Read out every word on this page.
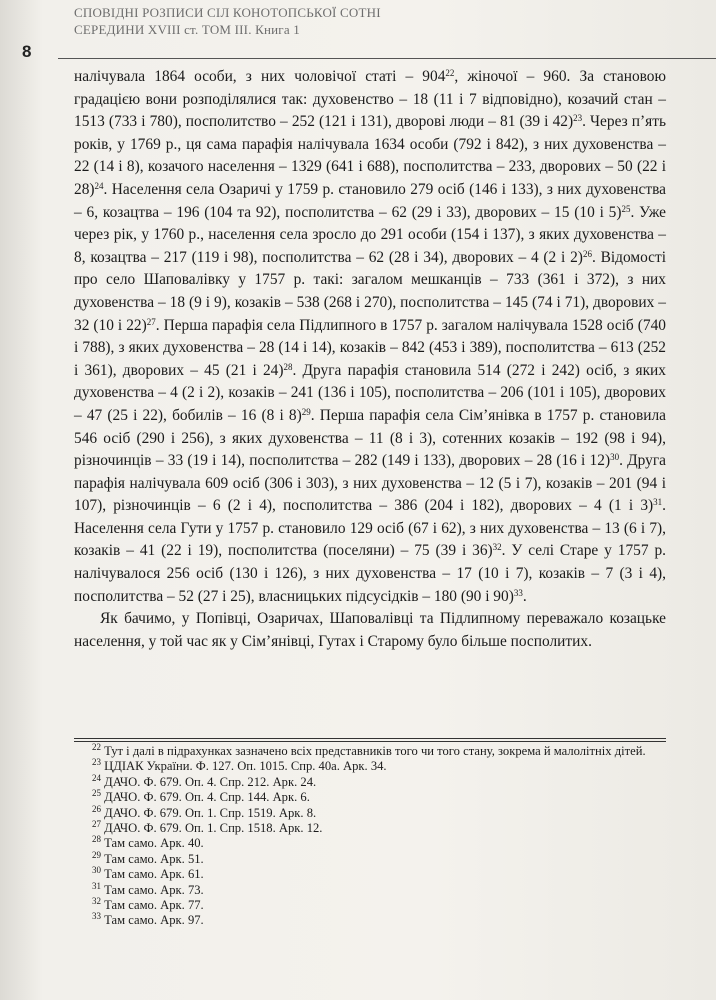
8
СПОВІДНІ РОЗПИСИ СІЛ КОНОТОПСЬКОЇ СОТНІ
СЕРЕДИНИ XVIII ст. ТОМ III. Книга 1

налічувала 1864 особи, з них чоловічої статі – $904^{22}$, жіночої – 960. За становою градацією вони розподілялися так: духовенство – 18 (11 і 7 відповідно), козачий стан – 1513 (733 і 780), посполитство – 252 (121 і 131), дворові люди – 81 (39 і 42)$^{23}$. Через п’ять років, у 1769 р., ця сама парафія налічувала 1634 особи (792 і 842), з них духовенства – 22 (14 і 8), козачого населення – 1329 (641 і 688), посполитства – 233, дворових – 50 (22 і 28)$^{24}$. Населення села Озаричі у 1759 р. становило 279 осіб (146 і 133), з них духовенства – 6, козацтва – 196 (104 та 92), посполитства – 62 (29 і 33), дворових – 15 (10 і 5)$^{25}$. Уже через рік, у 1760 р., населення села зросло до 291 особи (154 і 137), з яких духовенства – 8, козацтва – 217 (119 і 98), посполитства – 62 (28 і 34), дворових – 4 (2 і 2)$^{26}$. Відомості про село Шаповалівку у 1757 р. такі: загалом мешканців – 733 (361 і 372), з них духовенства – 18 (9 і 9), козаків – 538 (268 і 270), посполитства – 145 (74 і 71), дворових – 32 (10 і 22)$^{27}$. Перша парафія села Підлипного в 1757 р. загалом налічувала 1528 осіб (740 і 788), з яких духовенства – 28 (14 і 14), козаків – 842 (453 і 389), посполитства – 613 (252 і 361), дворових – 45 (21 і 24)$^{28}$. Друга парафія становила 514 (272 і 242) осіб, з яких духовенства – 4 (2 і 2), козаків – 241 (136 і 105), посполитства – 206 (101 і 105), дворових – 47 (25 і 22), бобилів – 16 (8 і 8)$^{29}$. Перша парафія села Сім’янівка в 1757 р. становила 546 осіб (290 і 256), з яких духовенства – 11 (8 і 3), сотенних козаків – 192 (98 і 94), різночинців – 33 (19 і 14), посполитства – 282 (149 і 133), дворових – 28 (16 і 12)$^{30}$. Друга парафія налічувала 609 осіб (306 і 303), з них духовенства – 12 (5 і 7), козаків – 201 (94 і 107), різночинців – 6 (2 і 4), посполитства – 386 (204 і 182), дворових – 4 (1 і 3)$^{31}$. Населення села Гути у 1757 р. становило 129 осіб (67 і 62), з них духовенства – 13 (6 і 7), козаків – 41 (22 і 19), посполитства (поселяни) – 75 (39 і 36)$^{32}$. У селі Старе у 1757 р. налічувалося 256 осіб (130 і 126), з них духовенства – 17 (10 і 7), козаків – 7 (3 і 4), посполитства – 52 (27 і 25), власницьких підсусідків – 180 (90 і 90)$^{33}$.

Як бачимо, у Попівці, Озаричах, Шаповалівці та Підлипному переважало козацьке населення, у той час як у Сім’янівці, Гутах і Старому було більше посполитих.

$^{22}$ Тут і далі в підрахунках зазначено всіх представників того чи того стану, зокрема й малолітніх дітей.
$^{23}$ ЦДІАК України. Ф. 127. Оп. 1015. Спр. 40а. Арк. 34.
$^{24}$ ДАЧО. Ф. 679. Оп. 4. Спр. 212. Арк. 24.
$^{25}$ ДАЧО. Ф. 679. Оп. 4. Спр. 144. Арк. 6.
$^{26}$ ДАЧО. Ф. 679. Оп. 1. Спр. 1519. Арк. 8.
$^{27}$ ДАЧО. Ф. 679. Оп. 1. Спр. 1518. Арк. 12.
$^{28}$ Там само. Арк. 40.
$^{29}$ Там само. Арк. 51.
$^{30}$ Там само. Арк. 61.
$^{31}$ Там само. Арк. 73.
$^{32}$ Там само. Арк. 77.
$^{33}$ Там само. Арк. 97.
